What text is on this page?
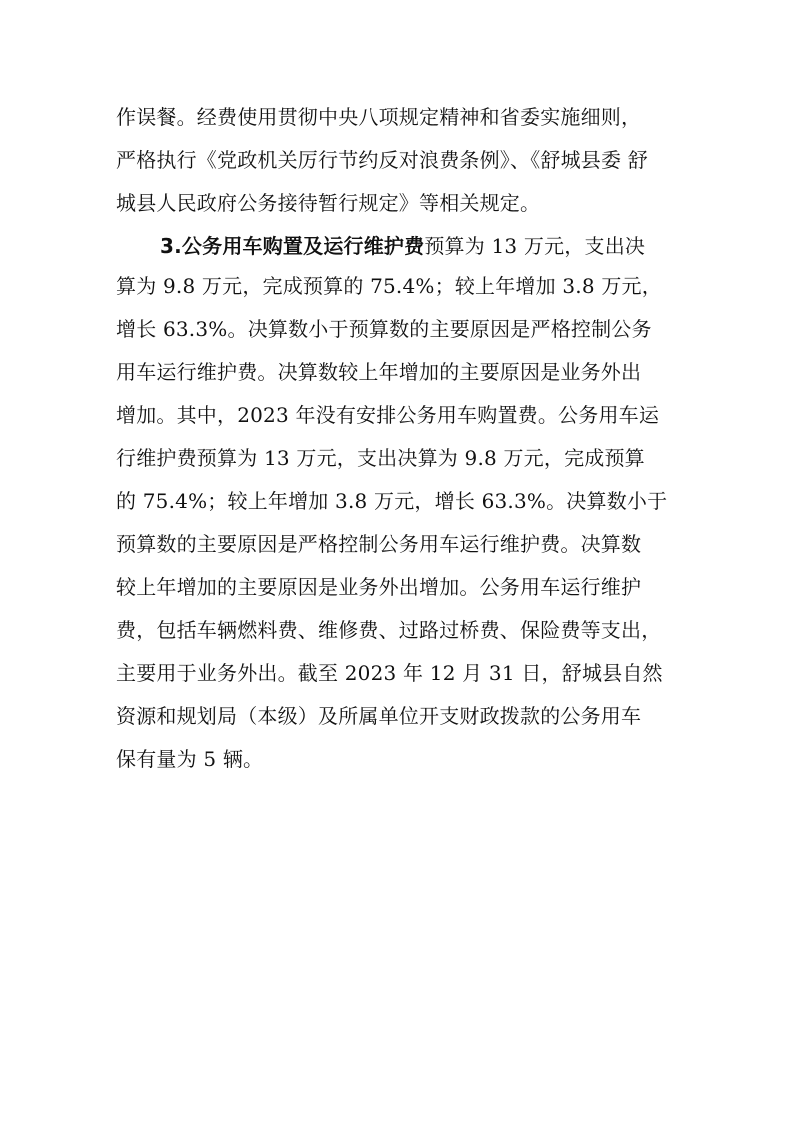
作误餐。经费使用贯彻中央八项规定精神和省委实施细则，
严格执行《党政机关厉行节约反对浪费条例》、《舒城县委 舒
城县人民政府公务接待暂行规定》等相关规定。
3.公务用车购置及运行维护费预算为 13 万元，支出决
算为 9.8 万元，完成预算的 75.4%；较上年增加 3.8 万元，
增长 63.3%。决算数小于预算数的主要原因是严格控制公务
用车运行维护费。决算数较上年增加的主要原因是业务外出
增加。其中，2023 年没有安排公务用车购置费。公务用车运
行维护费预算为 13 万元，支出决算为 9.8 万元，完成预算
的 75.4%；较上年增加 3.8 万元，增长 63.3%。决算数小于
预算数的主要原因是严格控制公务用车运行维护费。决算数
较上年增加的主要原因是业务外出增加。公务用车运行维护
费，包括车辆燃料费、维修费、过路过桥费、保险费等支出，
主要用于业务外出。截至 2023 年 12 月 31 日，舒城县自然
资源和规划局（本级）及所属单位开支财政拨款的公务用车
保有量为 5 辆。
